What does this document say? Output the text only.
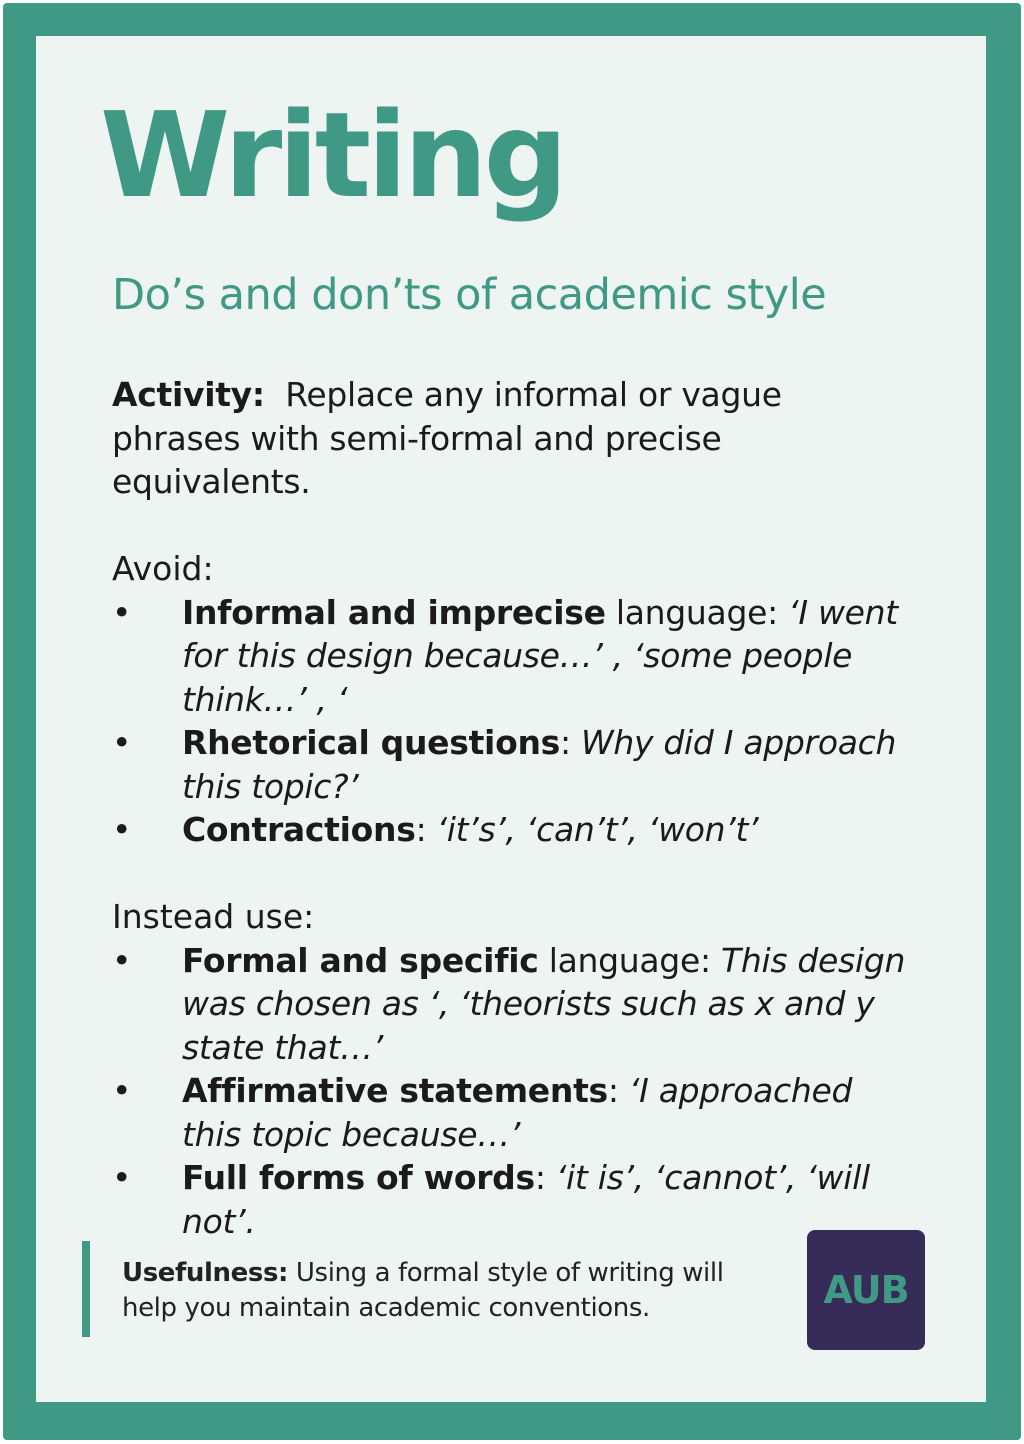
Writing
Do’s and don’ts of academic style

Activity: Replace any informal or vague phrases with semi-formal and precise equivalents.

Avoid:

• Informal and imprecise language: ‘I went for this design because…’ , ‘some people think…’ , ‘
• Rhetorical questions: Why did I approach this topic?’
• Contractions: ‘it’s’, ‘can’t’, ‘won’t’

Instead use:

• Formal and specific language: This design was chosen as ‘, ‘theorists such as x and y state that…’
• Affirmative statements: ‘I approached this topic because…’
• Full forms of words: ‘it is’, ‘cannot’, ‘will not’.

Usefulness: Using a formal style of writing will help you maintain academic conventions.	AUB
